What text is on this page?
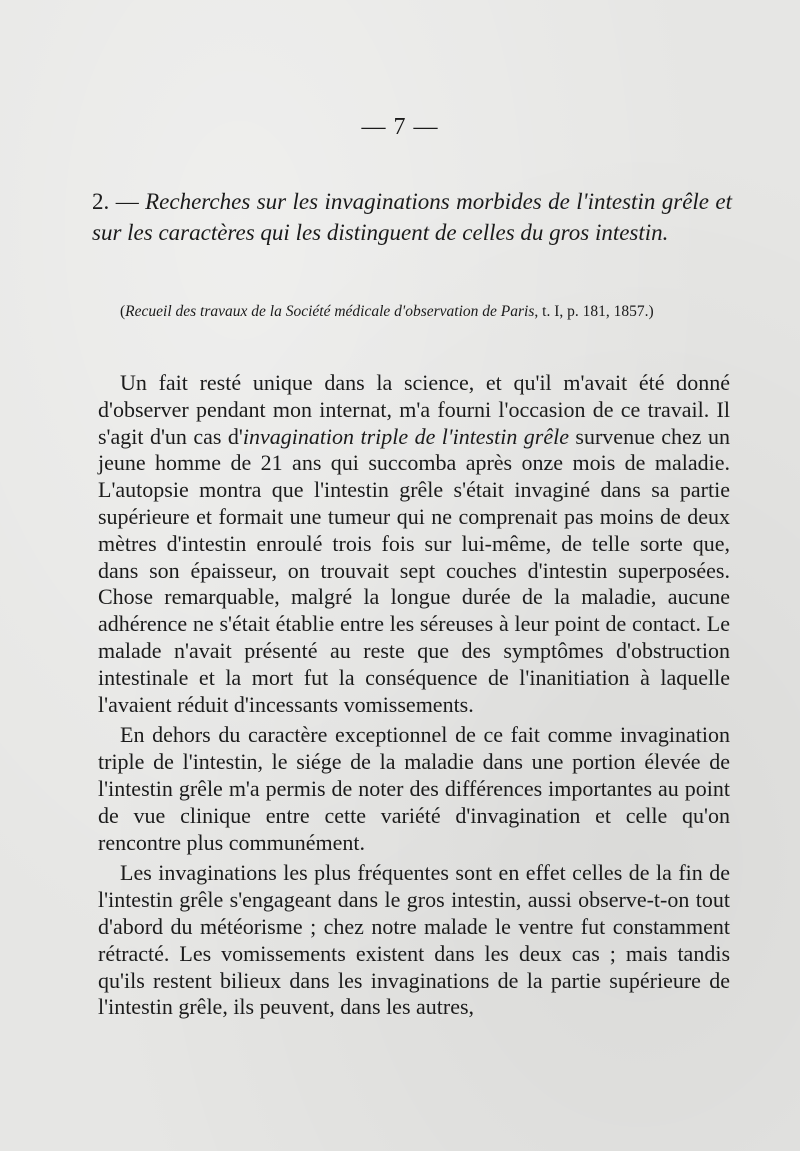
— 7 —
2. — Recherches sur les invaginations morbides de l'intestin grêle et sur les caractères qui les distinguent de celles du gros intestin.
(Recueil des travaux de la Société médicale d'observation de Paris, t. I, p. 181, 1857.)

Un fait resté unique dans la science, et qu'il m'avait été donné d'observer pendant mon internat, m'a fourni l'occasion de ce travail. Il s'agit d'un cas d'invagination triple de l'intestin grêle survenue chez un jeune homme de 21 ans qui succomba après onze mois de maladie. L'autopsie montra que l'intestin grêle s'était invaginé dans sa partie supérieure et formait une tumeur qui ne comprenait pas moins de deux mètres d'intestin enroulé trois fois sur lui-même, de telle sorte que, dans son épaisseur, on trouvait sept couches d'intestin superposées. Chose remarquable, malgré la longue durée de la maladie, aucune adhérence ne s'était établie entre les séreuses à leur point de contact. Le malade n'avait présenté au reste que des symptômes d'obstruction intestinale et la mort fut la conséquence de l'inanitiation à laquelle l'avaient réduit d'incessants vomissements.

En dehors du caractère exceptionnel de ce fait comme invagination triple de l'intestin, le siége de la maladie dans une portion élevée de l'intestin grêle m'a permis de noter des différences importantes au point de vue clinique entre cette variété d'invagination et celle qu'on rencontre plus communément.

Les invaginations les plus fréquentes sont en effet celles de la fin de l'intestin grêle s'engageant dans le gros intestin, aussi observe-t-on tout d'abord du météorisme ; chez notre malade le ventre fut constamment rétracté. Les vomissements existent dans les deux cas ; mais tandis qu'ils restent bilieux dans les invaginations de la partie supérieure de l'intestin grêle, ils peuvent, dans les autres,
